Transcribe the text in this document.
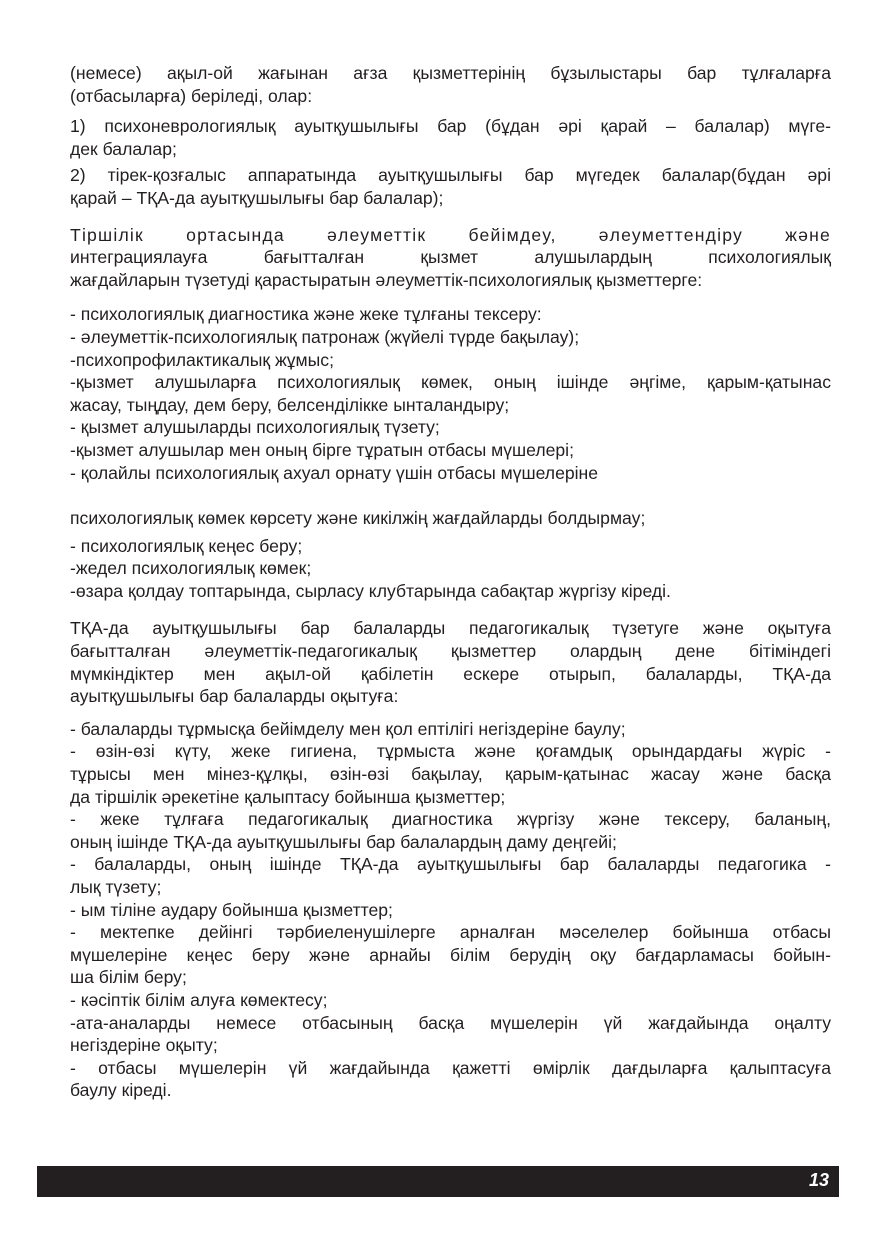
(немесе) ақыл-ой жағынан ағза қызметтерінің бұзылыстары бар тұлғаларға
(отбасыларға) беріледі, олар:

1) психоневрологиялық ауытқушылығы бар (бұдан әрі қарай – балалар) мүге-
дек балалар;

2) тірек-қозғалыс аппаратында ауытқушылығы бар мүгедек балалар(бұдан әрі
қарай – ТҚА-да ауытқушылығы бар балалар);

Тіршілік ортасында әлеуметтік бейімдеу, әлеуметтендіру және
интеграциялауға бағытталған қызмет алушылардың психологиялық
жағдайларын түзетуді қарастыратын әлеуметтік-психологиялық қызметтерге:

- психологиялық диагностика және жеке тұлғаны тексеру:
- әлеуметтік-психологиялық патронаж (жүйелі түрде бақылау);
-психопрофилактикалық жұмыс;
-қызмет алушыларға психологиялық көмек, оның ішінде әңгіме, қарым-қатынас
жасау, тыңдау, дем беру, белсенділікке ынталандыру;
- қызмет алушыларды психологиялық түзету;
-қызмет алушылар мен оның бірге тұратын отбасы мүшелері;
- қолайлы психологиялық ахуал орнату үшін отбасы мүшелеріне

психологиялық көмек көрсету және кикілжің жағдайларды болдырмау;

- психологиялық кеңес беру;
-жедел психологиялық көмек;
-өзара қолдау топтарында, сырласу клубтарында сабақтар жүргізу кіреді.

ТҚА-да ауытқушылығы бар балаларды педагогикалық түзетуге және оқытуға
бағытталған әлеуметтік-педагогикалық қызметтер олардың дене бітіміндегі
мүмкіндіктер мен ақыл-ой қабілетін ескере отырып, балаларды, ТҚА-да
ауытқушылығы бар балаларды оқытуға:

- балаларды тұрмысқа бейімделу мен қол ептілігі негіздеріне баулу;
- өзін-өзі күту, жеке гигиена, тұрмыста және қоғамдық орындардағы жүріс -
тұрысы мен мінез-құлқы, өзін-өзі бақылау, қарым-қатынас жасау және басқа
да тіршілік әрекетіне қалыптасу бойынша қызметтер;
- жеке тұлғаға педагогикалық диагностика жүргізу және тексеру, баланың,
оның ішінде ТҚА-да ауытқушылығы бар балалардың даму деңгейі;
- балаларды, оның ішінде ТҚА-да ауытқушылығы бар балаларды педагогика -
лық түзету;
- ым тіліне аудару бойынша қызметтер;
- мектепке дейінгі тәрбиеленушілерге арналған мәселелер бойынша отбасы
мүшелеріне кеңес беру және арнайы білім берудің оқу бағдарламасы бойын-
ша білім беру;
- кәсіптік білім алуға көмектесу;
-ата-аналарды немесе отбасының басқа мүшелерін үй жағдайында оңалту
негіздеріне оқыту;
- отбасы мүшелерін үй жағдайында қажетті өмірлік дағдыларға қалыптасуға
баулу кіреді.

13
